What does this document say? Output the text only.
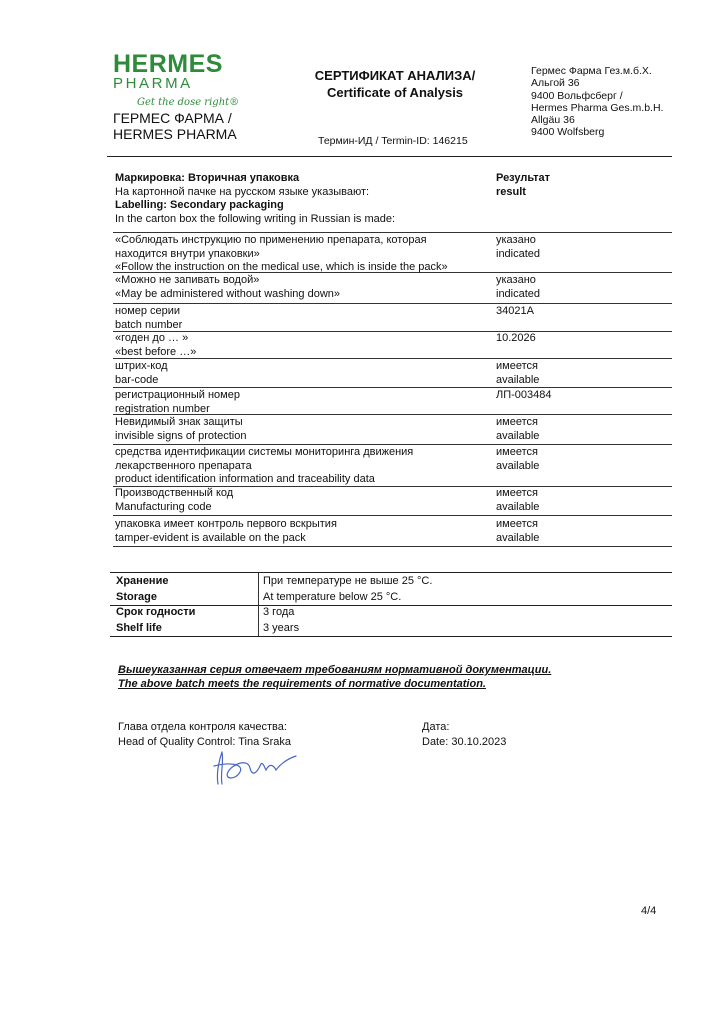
HERMES
PHARMA
Get the dose right®
ГЕРМЕС ФАРМА /
HERMES PHARMA
СЕРТИФИКАТ АНАЛИЗА/
Certificate of Analysis
Термин-ИД / Termin-ID: 146215
Гермес Фарма Гез.м.б.Х.
Альгой 36
9400 Вольфсберг /
Hermes Pharma Ges.m.b.H.
Allgäu 36
9400 Wolfsberg
Маркировка: Вторичная упаковка
На картонной пачке на русском языке указывают:
Labelling: Secondary packaging
In the carton box the following writing in Russian is made:
Результат
result
«Соблюдать инструкцию по применению препарата, которая
находится внутри упаковки»
«Follow the instruction on the medical use, which is inside the pack»
указано
indicated
«Можно не запивать водой»
«May be administered without washing down»
указано
indicated
номер серии
batch number
34021A
«годен до … »
«best before …»
10.2026
штрих-код
bar-code
имеется
available
регистрационный номер
registration number
ЛП-003484
Невидимый знак защиты
invisible signs of protection
имеется
available
средства идентификации системы мониторинга движения
лекарственного препарата
product identification information and traceability data
имеется
available
Производственный код
Manufacturing code
имеется
available
упаковка имеет контроль первого вскрытия
tamper-evident is available on the pack
имеется
available
Хранение
Storage
При температуре не выше 25 °C.
At temperature below 25 °C.
Срок годности
Shelf life
3 года
3 years
Вышеуказанная серия отвечает требованиям нормативной документации.
The above batch meets the requirements of normative documentation.
Глава отдела контроля качества:
Head of Quality Control: Tina Sraka
Дата:
Date: 30.10.2023
4/4
